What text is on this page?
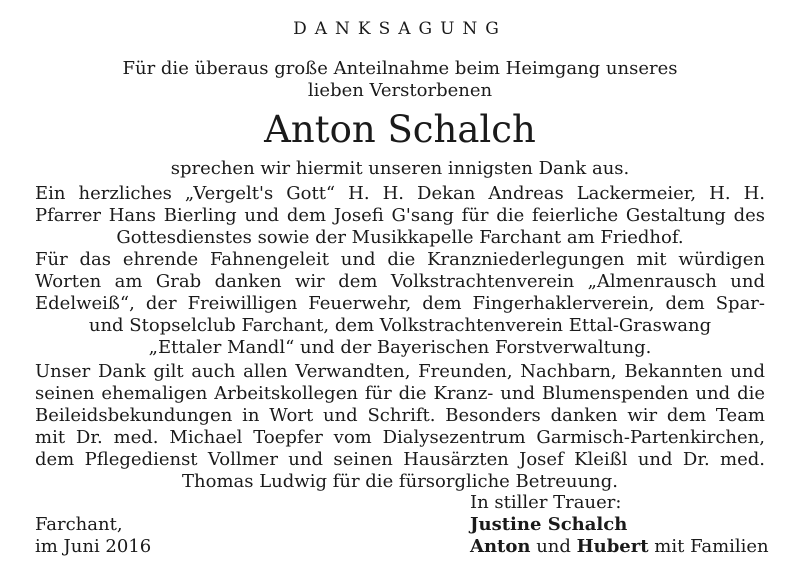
DANKSAGUNG
Für die überaus große Anteilnahme beim Heimgang unseres
lieben Verstorbenen
Anton Schalch
sprechen wir hiermit unseren innigsten Dank aus.
Ein herzliches „Vergelt's Gott“ H. H. Dekan Andreas Lackermeier, H. H.
Pfarrer Hans Bierling und dem Josefi G'sang für die feierliche Gestaltung des
Gottesdienstes sowie der Musikkapelle Farchant am Friedhof.
Für das ehrende Fahnengeleit und die Kranzniederlegungen mit würdigen
Worten am Grab danken wir dem Volkstrachtenverein „Almenrausch und
Edelweiß“, der Freiwilligen Feuerwehr, dem Fingerhaklerverein, dem Spar-
und Stopselclub Farchant, dem Volkstrachtenverein Ettal-Graswang
„Ettaler Mandl“ und der Bayerischen Forstverwaltung.
Unser Dank gilt auch allen Verwandten, Freunden, Nachbarn, Bekannten und
seinen ehemaligen Arbeitskollegen für die Kranz- und Blumenspenden und die
Beileidsbekundungen in Wort und Schrift. Besonders danken wir dem Team
mit Dr. med. Michael Toepfer vom Dialysezentrum Garmisch-Partenkirchen,
dem Pflegedienst Vollmer und seinen Hausärzten Josef Kleißl und Dr. med.
Thomas Ludwig für die fürsorgliche Betreuung.
Farchant,
im Juni 2016
In stiller Trauer:
Justine Schalch
Anton und Hubert mit Familien
